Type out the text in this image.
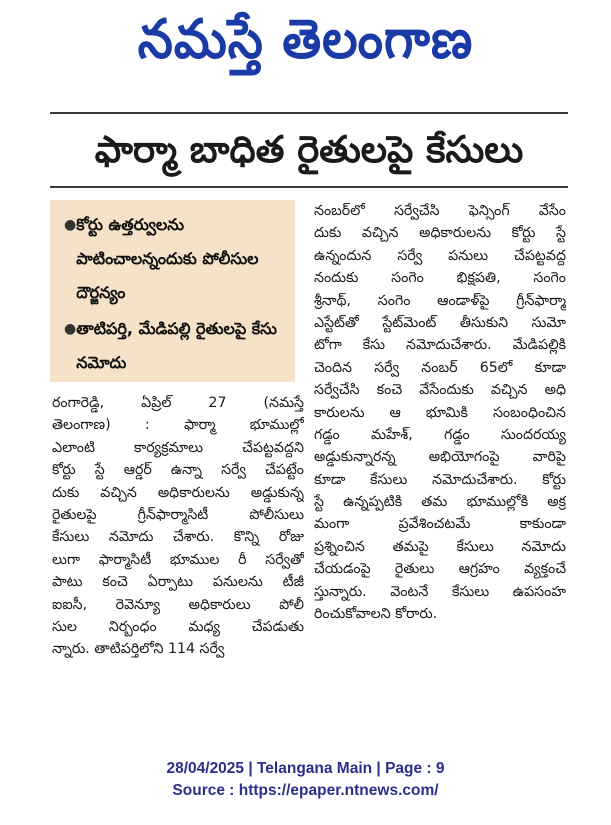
నమస్తే తెలంగాణ
ఫార్మా బాధిత రైతులపై కేసులు
● కోర్టు ఉత్తర్వులను పాటించాలన్నందుకు పోలీసుల దౌర్జన్యం
● తాటిపర్తి, మేడిపల్లి రైతులపై కేసు నమోదు
రంగారెడ్డి, ఏప్రిల్ 27 (నమస్తే
తెలంగాణ) : ఫార్మా భూముల్లో
ఎలాంటి కార్యక్రమాలు చేపట్టవద్దని
కోర్టు స్టే ఆర్డర్ ఉన్నా సర్వే చేపట్టేం
దుకు వచ్చిన అధికారులను అడ్డుకున్న
రైతులపై గ్రీన్‌ఫార్మాసిటీ పోలీసులు
కేసులు నమోదు చేశారు. కొన్ని రోజు
లుగా ఫార్మాసిటీ భూముల రీ సర్వేతో
పాటు కంచె ఏర్పాటు పనులను టీజీ
ఐఐసీ, రెవెన్యూ అధికారులు పోలీ
సుల నిర్బంధం మధ్య చేపడుతు
న్నారు. తాటిపర్తిలోని 114 సర్వే
నంబర్‌లో సర్వేచేసి ఫెన్సింగ్ వేసేం
దుకు వచ్చిన అధికారులను కోర్టు స్టే
ఉన్నందున సర్వే పనులు చేపట్టవద్ద
నందుకు సంగెం భిక్షపతి, సంగెం
శ్రీనాథ్, సంగెం ఆండాళ్‌పై గ్రీన్‌ఫార్మా
ఎస్టేట్‌తో స్టేట్‌మెంట్ తీసుకుని సుమో
టోగా కేసు నమోదుచేశారు. మేడిపల్లికి
చెందిన సర్వే నంబర్ 65లో కూడా
సర్వేచేసి కంచె వేసేందుకు వచ్చిన అధి
కారులను ఆ భూమికి సంబంధించిన
గడ్డం మహేశ్, గడ్డం సుందరయ్య
అడ్డుకున్నారన్న అభియోగంపై వారిపై
కూడా కేసులు నమోదుచేశారు. కోర్టు
స్టే ఉన్నప్పటికి తమ భూముల్లోకి అక్ర
మంగా ప్రవేశించటమే కాకుండా
ప్రశ్నించిన తమపై కేసులు నమోదు
చేయడంపై రైతులు ఆగ్రహం వ్యక్తంచే
స్తున్నారు. వెంటనే కేసులు ఉపసంహ
రించుకోవాలని కోరారు.
28/04/2025 | Telangana Main | Page : 9
Source : https://epaper.ntnews.com/
